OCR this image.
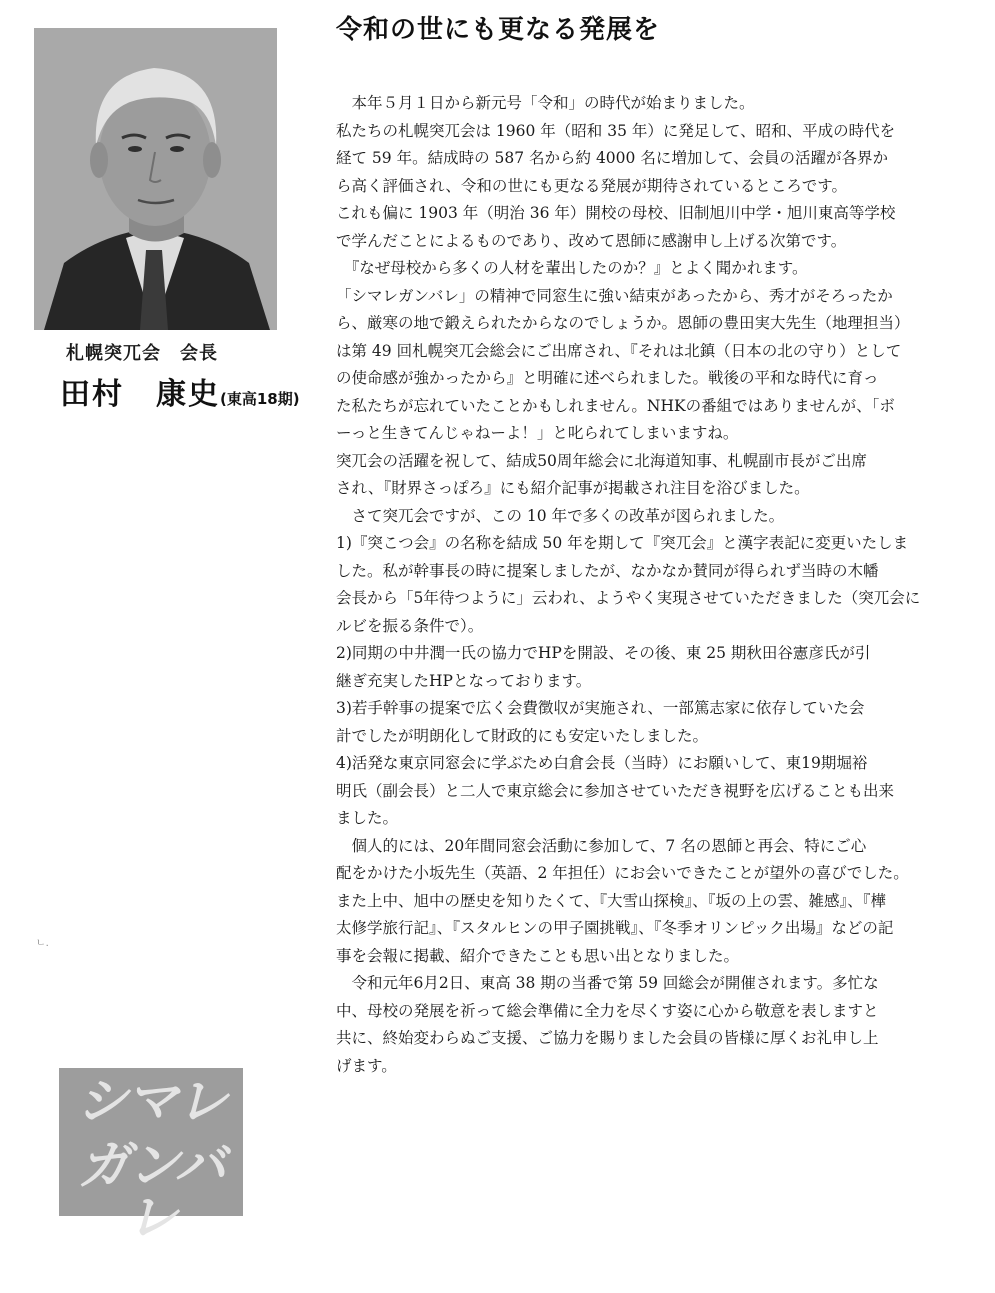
札幌突兀会　会長
田村　康史(東高18期)
ㄴ.
シマレ
ガンバレ
令和の世にも更なる発展を
　本年５月１日から新元号「令和」の時代が始まりました。
私たちの札幌突兀会は 1960 年（昭和 35 年）に発足して、昭和、平成の時代を
経て 59 年。結成時の 587 名から約 4000 名に増加して、会員の活躍が各界か
ら高く評価され、令和の世にも更なる発展が期待されているところです。
これも偏に 1903 年（明治 36 年）開校の母校、旧制旭川中学・旭川東高等学校
で学んだことによるものであり、改めて恩師に感謝申し上げる次第です。
　『なぜ母校から多くの人材を輩出したのか？』とよく聞かれます。
「シマレガンバレ」の精神で同窓生に強い結束があったから、秀才がそろったか
ら、厳寒の地で鍛えられたからなのでしょうか。恩師の豊田実大先生（地理担当）
は第 49 回札幌突兀会総会にご出席され、『それは北鎮（日本の北の守り）として
の使命感が強かったから』と明確に述べられました。戦後の平和な時代に育っ
た私たちが忘れていたことかもしれません。NHKの番組ではありませんが、「ボ
ーっと生きてんじゃねーよ！」と叱られてしまいますね。
突兀会の活躍を祝して、結成50周年総会に北海道知事、札幌副市長がご出席
され、『財界さっぽろ』にも紹介記事が掲載され注目を浴びました。
　さて突兀会ですが、この 10 年で多くの改革が図られました。
1)『突こつ会』の名称を結成 50 年を期して『突兀会』と漢字表記に変更いたしま
した。私が幹事長の時に提案しましたが、なかなか賛同が得られず当時の木幡
会長から「5年待つように」云われ、ようやく実現させていただきました（突兀会に
ルビを振る条件で）。
2)同期の中井潤一氏の協力でHPを開設、その後、東 25 期秋田谷憲彦氏が引
継ぎ充実したHPとなっております。
3)若手幹事の提案で広く会費徴収が実施され、一部篤志家に依存していた会
計でしたが明朗化して財政的にも安定いたしました。
4)活発な東京同窓会に学ぶため白倉会長（当時）にお願いして、東19期堀裕
明氏（副会長）と二人で東京総会に参加させていただき視野を広げることも出来
ました。
　個人的には、20年間同窓会活動に参加して、7 名の恩師と再会、特にご心
配をかけた小坂先生（英語、2 年担任）にお会いできたことが望外の喜びでした。
また上中、旭中の歴史を知りたくて、『大雪山探検』、『坂の上の雲、雑感』、『樺
太修学旅行記』、『スタルヒンの甲子園挑戦』、『冬季オリンピック出場』などの記
事を会報に掲載、紹介できたことも思い出となりました。
　令和元年6月2日、東高 38 期の当番で第 59 回総会が開催されます。多忙な
中、母校の発展を祈って総会準備に全力を尽くす姿に心から敬意を表しますと
共に、終始変わらぬご支援、ご協力を賜りました会員の皆様に厚くお礼申し上
げます。
